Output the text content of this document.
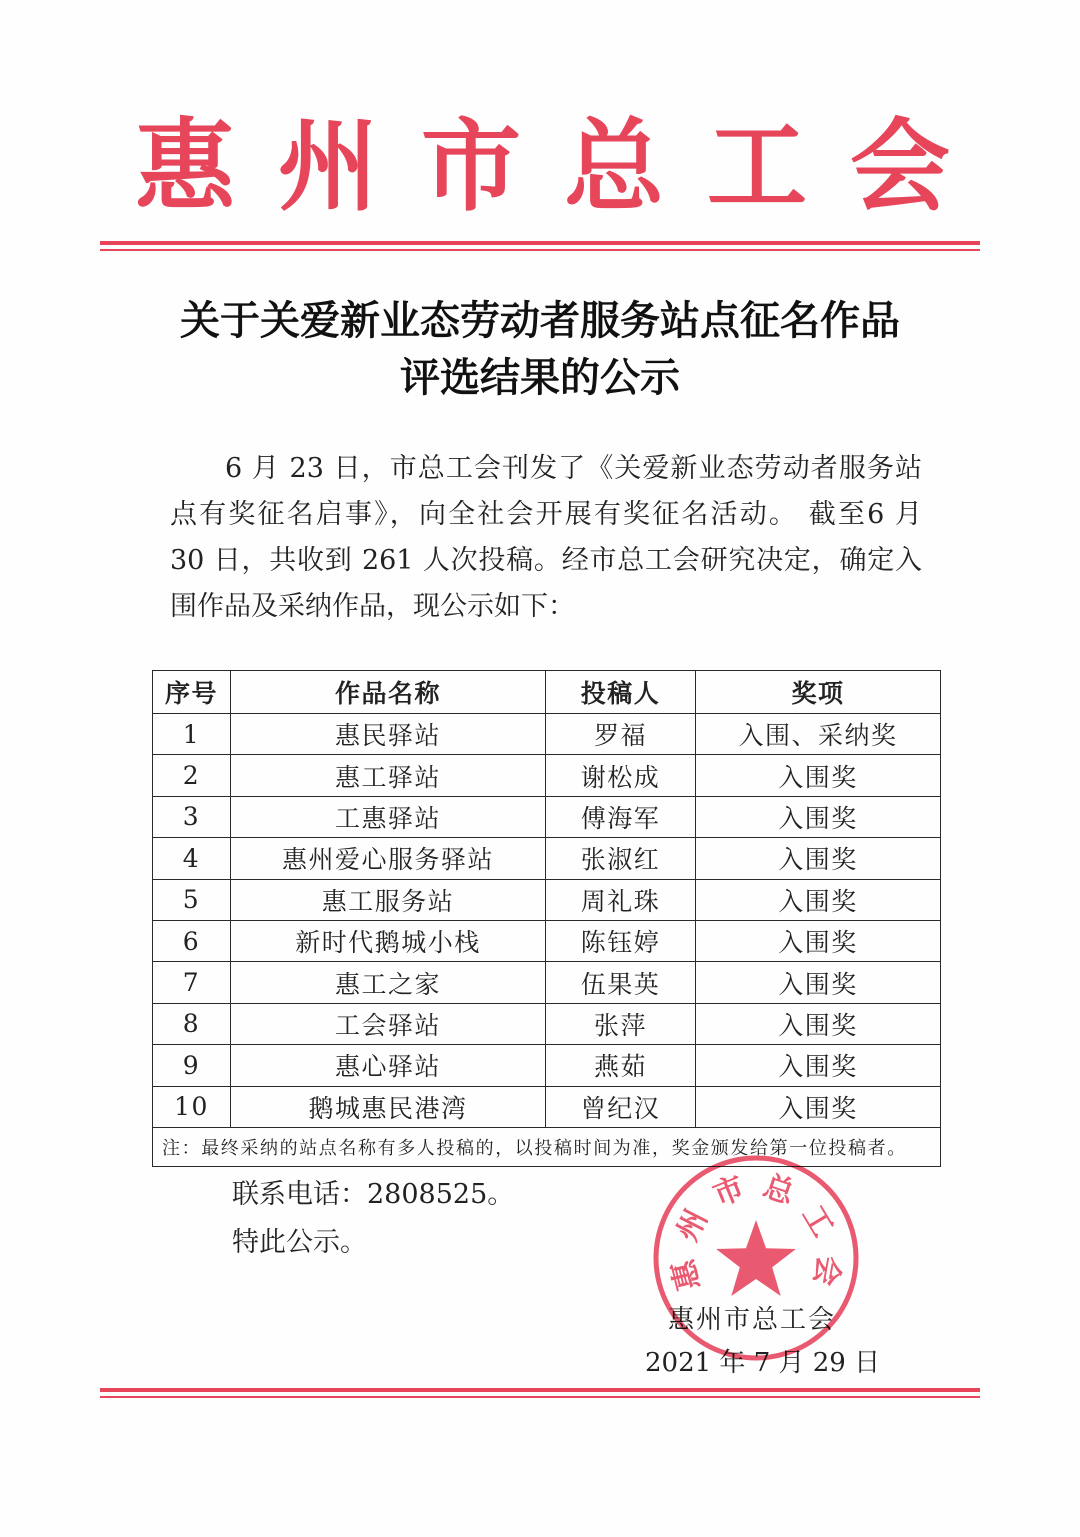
惠州市总工会
关于关爱新业态劳动者服务站点征名作品
评选结果的公示
6 月 23 日，市总工会刊发了《关爱新业态劳动者服务站
点有奖征名启事》，向全社会开展有奖征名活动。 截至6 月
30 日，共收到 261 人次投稿。经市总工会研究决定，确定入
围作品及采纳作品，现公示如下：
序号	作品名称	投稿人	奖项
1	惠民驿站	罗福	入围、采纳奖
2	惠工驿站	谢松成	入围奖
3	工惠驿站	傅海军	入围奖
4	惠州爱心服务驿站	张淑红	入围奖
5	惠工服务站	周礼珠	入围奖
6	新时代鹅城小栈	陈钰婷	入围奖
7	惠工之家	伍果英	入围奖
8	工会驿站	张萍	入围奖
9	惠心驿站	燕茹	入围奖
10	鹅城惠民港湾	曾纪汉	入围奖
注：最终采纳的站点名称有多人投稿的，以投稿时间为准，奖金颁发给第一位投稿者。			
联系电话：2808525。
特此公示。
惠州市总工会
2021 年 7 月 29 日
惠州市总工会
